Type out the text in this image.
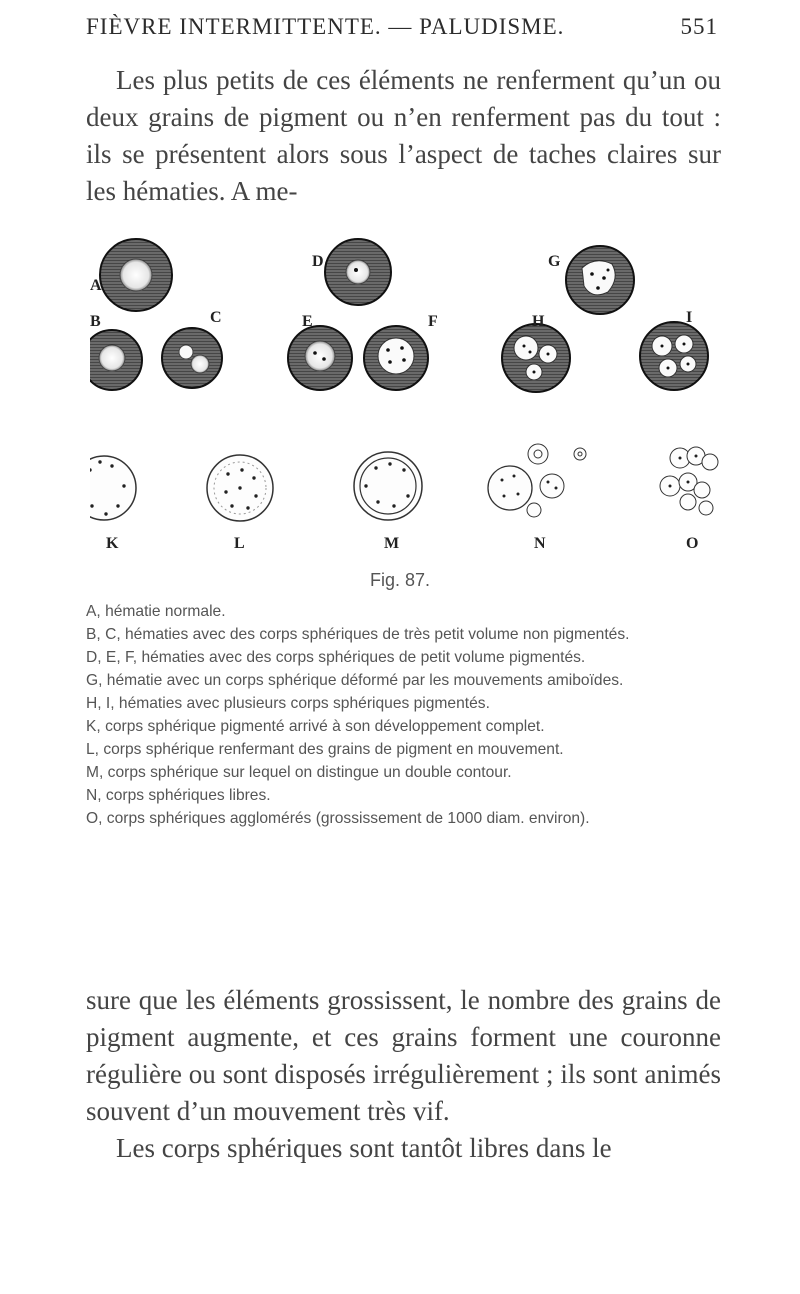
FIÈVRE INTERMITTENTE. — PALUDISME.	551

Les plus petits de ces éléments ne renferment qu’un ou deux grains de pigment ou n’en renferment pas du tout : ils se présentent alors sous l’aspect de taches claires sur les hématies. A me-

A
B	C
D
E	F
G
H	I
K	L	M	N	O
Fig. 87.

A, hématie normale.

B, C, hématies avec des corps sphériques de très petit volume non pigmentés.

D, E, F, hématies avec des corps sphériques de petit volume pigmentés.

G, hématie avec un corps sphérique déformé par les mouvements amiboïdes.

H, I, hématies avec plusieurs corps sphériques pigmentés.

K, corps sphérique pigmenté arrivé à son développement complet.

L, corps sphérique renfermant des grains de pigment en mouvement.

M, corps sphérique sur lequel on distingue un double contour.

N, corps sphériques libres.

O, corps sphériques agglomérés (grossissement de 1000 diam. environ).

sure que les éléments grossissent, le nombre des grains de pigment augmente, et ces grains forment une couronne régulière ou sont disposés irrégulièrement ; ils sont animés souvent d’un mouvement très vif.

Les corps sphériques sont tantôt libres dans le
